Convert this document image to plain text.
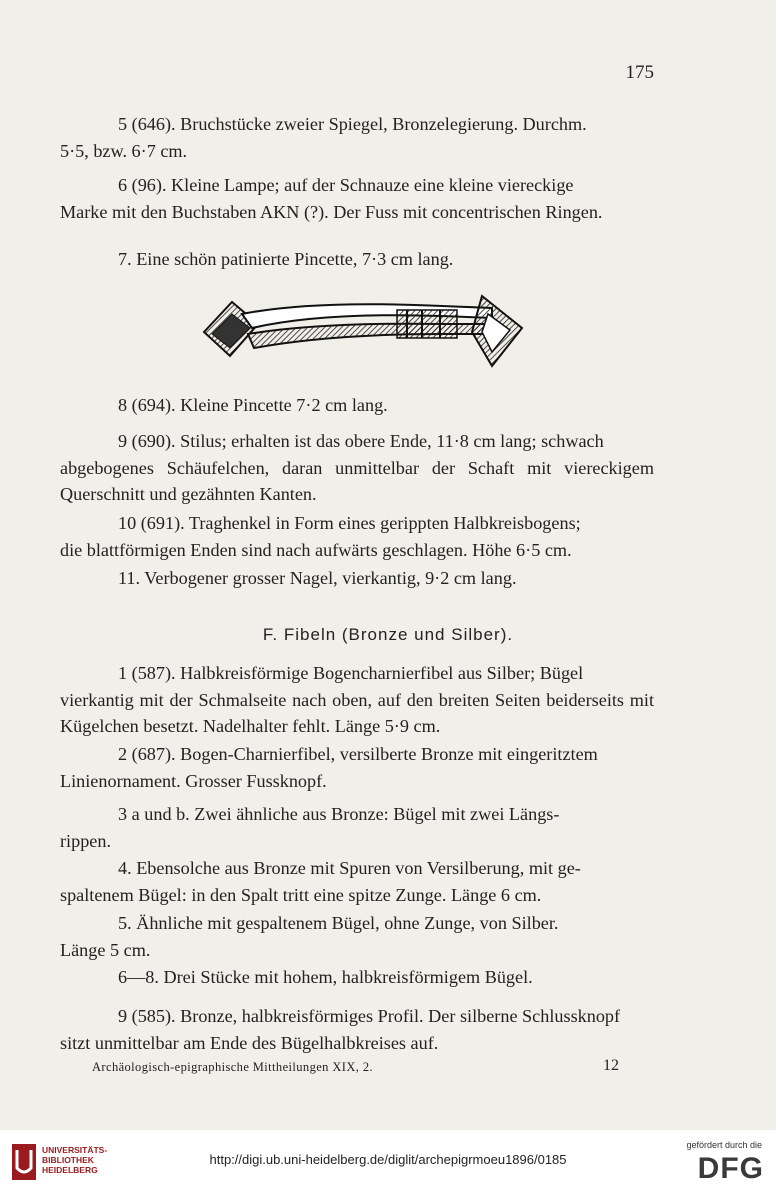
175

5 (646). Bruchstücke zweier Spiegel, Bronzelegierung. Durchm.
5·5, bzw. 6·7 cm.

6 (96). Kleine Lampe; auf der Schnauze eine kleine viereckige
Marke mit den Buchstaben AKN (?). Der Fuss mit concentrischen Ringen.

7. Eine schön patinierte Pincette, 7·3 cm lang.

8 (694). Kleine Pincette 7·2 cm lang.

9 (690). Stilus; erhalten ist das obere Ende, 11·8 cm lang; schwach
abgebogenes Schäufelchen, daran unmittelbar der Schaft mit viereckigem Querschnitt und gezähnten Kanten.

10 (691). Traghenkel in Form eines gerippten Halbkreisbogens;
die blattförmigen Enden sind nach aufwärts geschlagen. Höhe 6·5 cm.

11. Verbogener grosser Nagel, vierkantig, 9·2 cm lang.

F. Fibeln (Bronze und Silber).

1 (587). Halbkreisförmige Bogencharnierfibel aus Silber; Bügel
vierkantig mit der Schmalseite nach oben, auf den breiten Seiten beiderseits mit Kügelchen besetzt. Nadelhalter fehlt. Länge 5·9 cm.

2 (687). Bogen-Charnierfibel, versilberte Bronze mit eingeritztem
Linienornament. Grosser Fussknopf.

3 a und b. Zwei ähnliche aus Bronze: Bügel mit zwei Längs-
rippen.

4. Ebensolche aus Bronze mit Spuren von Versilberung, mit ge-
spaltenem Bügel: in den Spalt tritt eine spitze Zunge. Länge 6 cm.

5. Ähnliche mit gespaltenem Bügel, ohne Zunge, von Silber.
Länge 5 cm.

6—8. Drei Stücke mit hohem, halbkreisförmigem Bügel.

9 (585). Bronze, halbkreisförmiges Profil. Der silberne Schlussknopf
sitzt unmittelbar am Ende des Bügelhalbkreises auf.

Archäologisch-epigraphische Mittheilungen XIX, 2.	12
UNIVERSITÄTS-
BIBLIOTHEK
HEIDELBERG
http://digi.ub.uni-heidelberg.de/diglit/archepigrmoeu1896/0185
gefördert durch die
DFG
